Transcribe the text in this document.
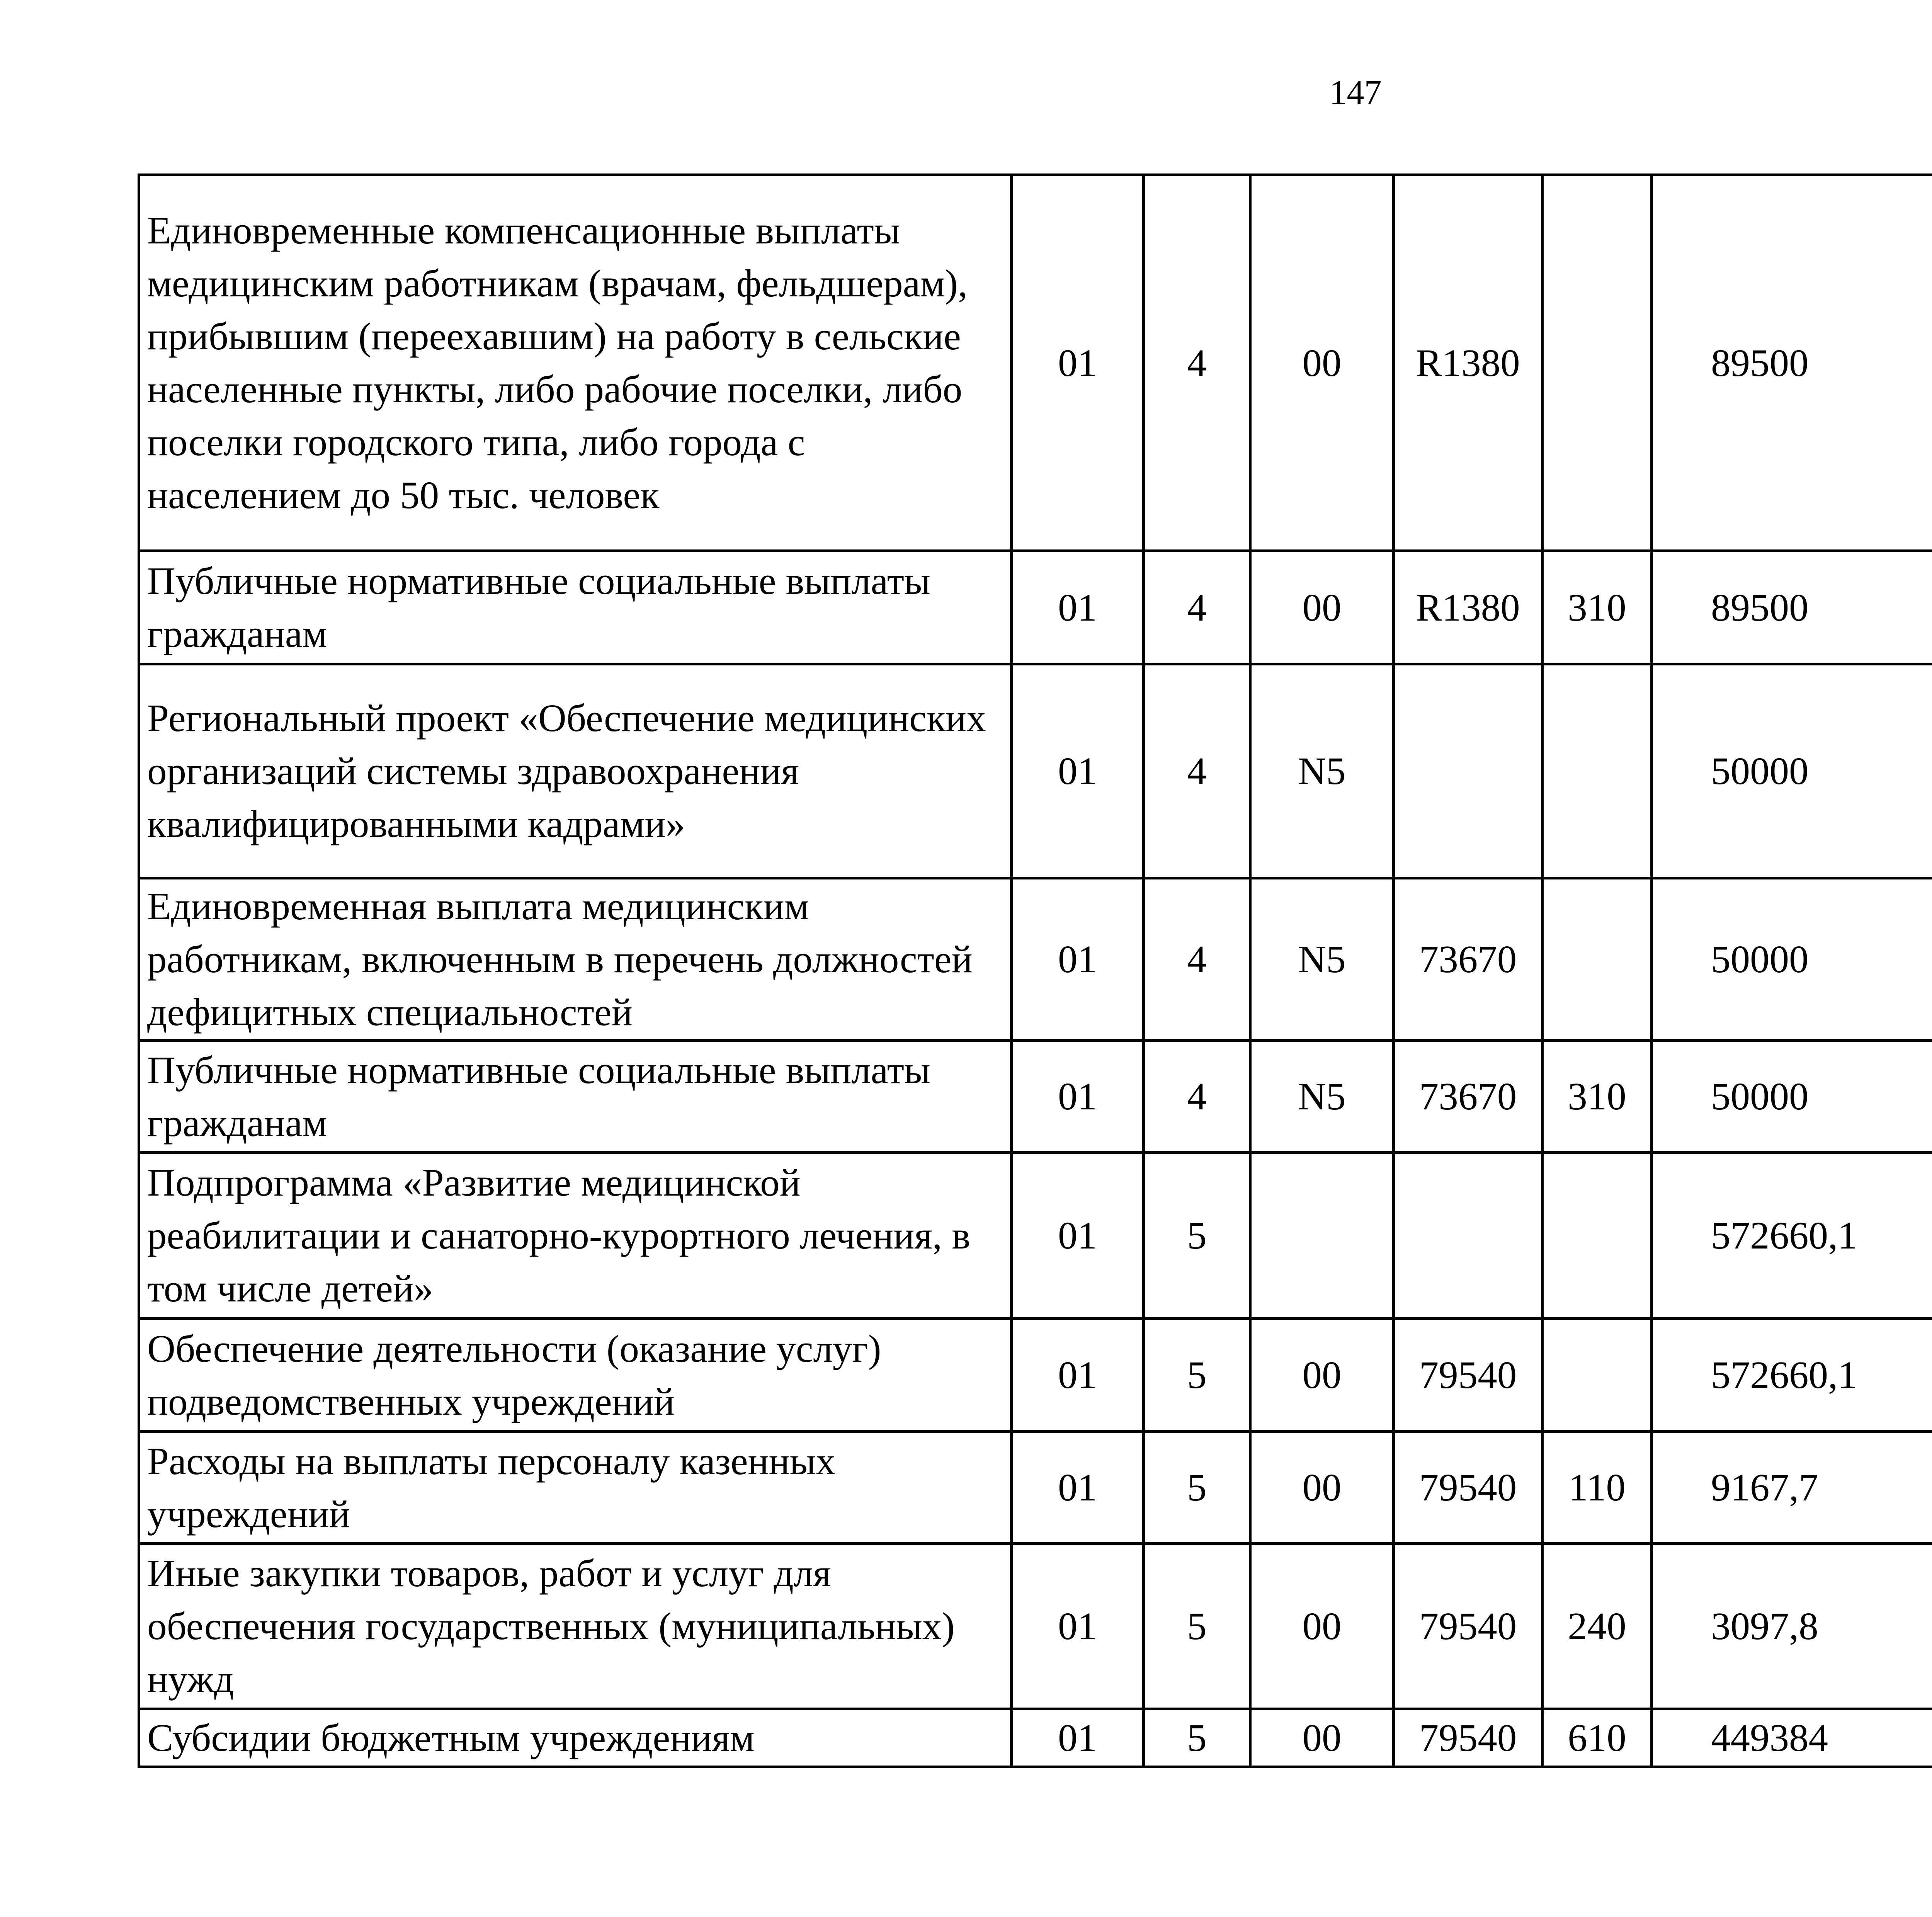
147
Единовременные компенсационные выплаты медицинским работникам (врачам, фельдшерам), прибывшим (переехавшим) на работу в сельские населенные пункты, либо рабочие поселки, либо поселки городского типа, либо города с населением до 50 тыс. человек	01	4	00	R1380		89500		
Публичные нормативные социальные выплаты гражданам	01	4	00	R1380	310	89500		
Региональный проект «Обеспечение медицинских организаций системы здравоохранения квалифицированными кадрами»	01	4	N5			50000		
Единовременная выплата медицинским работникам, включенным в перечень должностей дефицитных специальностей	01	4	N5	73670		50000		
Публичные нормативные социальные выплаты гражданам	01	4	N5	73670	310	50000		
Подпрограмма «Развитие медицинской реабилитации и санаторно-курортного лечения, в том числе детей»	01	5				572660,1		
Обеспечение деятельности (оказание услуг) подведомственных учреждений	01	5	00	79540		572660,1		
Расходы на выплаты персоналу казенных учреждений	01	5	00	79540	110	9167,7		
Иные закупки товаров, работ и услуг для обеспечения государственных (муниципальных) нужд	01	5	00	79540	240	3097,8		
Субсидии бюджетным учреждениям	01	5	00	79540	610	449384		
